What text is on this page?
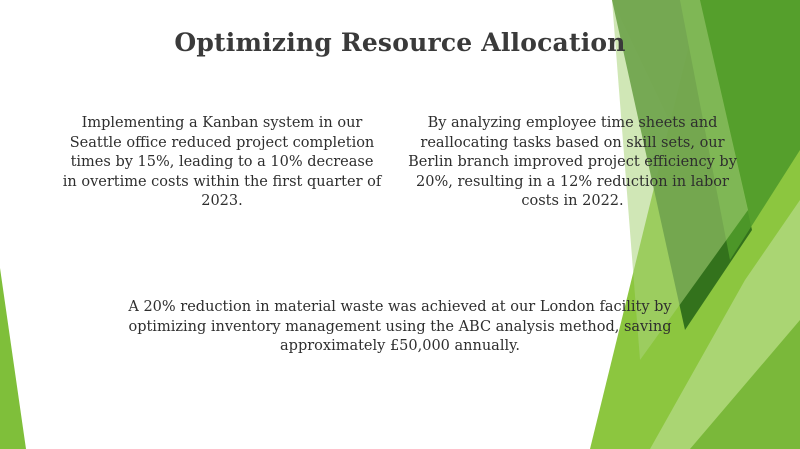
Optimizing Resource Allocation

Implementing a Kanban system in our Seattle office reduced project completion times by 15%, leading to a 10% decrease in overtime costs within the first quarter of 2023.

By analyzing employee time sheets and reallocating tasks based on skill sets, our Berlin branch improved project efficiency by 20%, resulting in a 12% reduction in labor costs in 2022.

A 20% reduction in material waste was achieved at our London facility by optimizing inventory management using the ABC analysis method, saving approximately £50,000 annually.
